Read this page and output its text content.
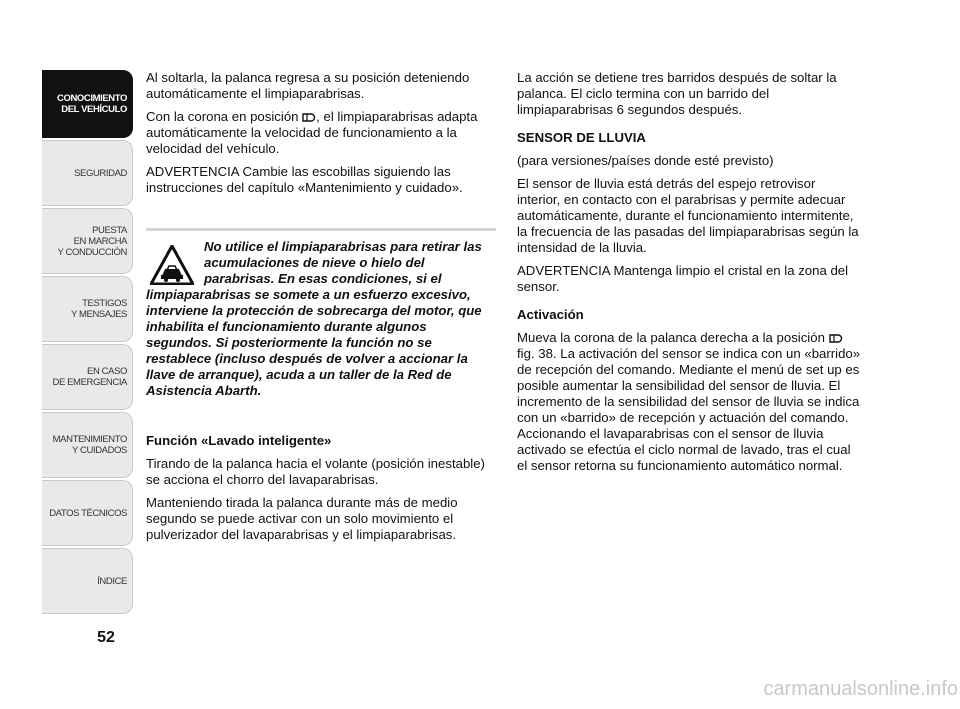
CONOCIMIENTO
DEL VEHÍCULO
SEGURIDAD
PUESTA
EN MARCHA
Y CONDUCCIÓN
TESTIGOS
Y MENSAJES
EN CASO
DE EMERGENCIA
MANTENIMIENTO
Y CUIDADOS
DATOS TÉCNICOS
ÍNDICE
52

Al soltarla, la palanca regresa a su posición deteniendo automáticamente el limpiaparabrisas.

Con la corona en posición , el limpiaparabrisas adapta automáticamente la velocidad de funcionamiento a la velocidad del vehículo.

ADVERTENCIA Cambie las escobillas siguiendo las instrucciones del capítulo «Mantenimiento y cuidado».

No utilice el limpiaparabrisas para retirar las acumulaciones de nieve o hielo del parabrisas. En esas condiciones, si el limpiaparabrisas se somete a un esfuerzo excesivo, interviene la protección de sobrecarga del motor, que inhabilita el funcionamiento durante algunos segundos. Si posteriormente la función no se restablece (incluso después de volver a accionar la llave de arranque), acuda a un taller de la Red de Asistencia Abarth.

Función «Lavado inteligente»

Tirando de la palanca hacia el volante (posición inestable) se acciona el chorro del lavaparabrisas.

Manteniendo tirada la palanca durante más de medio segundo se puede activar con un solo movimiento el pulverizador del lavaparabrisas y el limpiaparabrisas.

La acción se detiene tres barridos después de soltar la palanca. El ciclo termina con un barrido del limpiaparabrisas 6 segundos después.

SENSOR DE LLUVIA

(para versiones/países donde esté previsto)

El sensor de lluvia está detrás del espejo retrovisor interior, en contacto con el parabrisas y permite adecuar automáticamente, durante el funcionamiento intermitente, la frecuencia de las pasadas del limpiaparabrisas según la intensidad de la lluvia.

ADVERTENCIA Mantenga limpio el cristal en la zona del sensor.

Activación

Mueva la corona de la palanca derecha a la posición  fig. 38. La activación del sensor se indica con un «barrido» de recepción del comando. Mediante el menú de set up es posible aumentar la sensibilidad del sensor de lluvia. El incremento de la sensibilidad del sensor de lluvia se indica con un «barrido» de recepción y actuación del comando. Accionando el lavaparabrisas con el sensor de lluvia activado se efectúa el ciclo normal de lavado, tras el cual el sensor retorna su funcionamiento automático normal.

carmanualsonline.info
